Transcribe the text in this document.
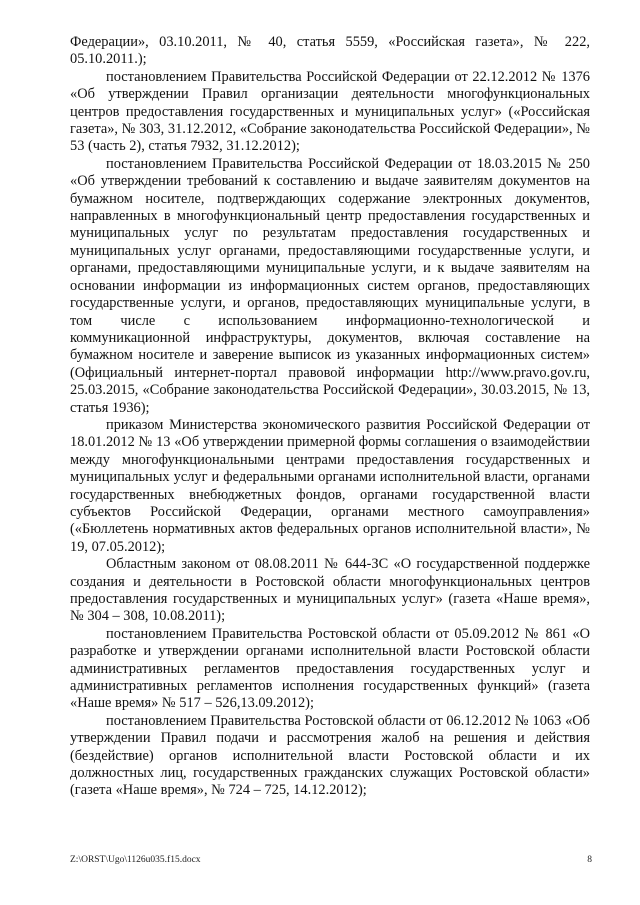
Федерации», 03.10.2011, № 40, статья 5559, «Российская газета», № 222, 05.10.2011.);

постановлением Правительства Российской Федерации от 22.12.2012 № 1376 «Об утверждении Правил организации деятельности многофункциональных центров предоставления государственных и муниципальных услуг» («Российская газета», № 303, 31.12.2012, «Собрание законодательства Российской Федерации», № 53 (часть 2), статья 7932, 31.12.2012);

постановлением Правительства Российской Федерации от 18.03.2015 № 250 «Об утверждении требований к составлению и выдаче заявителям документов на бумажном носителе, подтверждающих содержание электронных документов, направленных в многофункциональный центр предоставления государственных и муниципальных услуг по результатам предоставления государственных и муниципальных услуг органами, предоставляющими государственные услуги, и органами, предоставляющими муниципальные услуги, и к выдаче заявителям на основании информации из информационных систем органов, предоставляющих государственные услуги, и органов, предоставляющих муниципальные услуги, в том числе с использованием информационно-технологической и коммуникационной инфраструктуры, документов, включая составление на бумажном носителе и заверение выписок из указанных информационных систем» (Официальный интернет-портал правовой информации http://www.pravo.gov.ru, 25.03.2015, «Собрание законодательства Российской Федерации», 30.03.2015, № 13, статья 1936);

приказом Министерства экономического развития Российской Федерации от 18.01.2012 № 13 «Об утверждении примерной формы соглашения о взаимодействии между многофункциональными центрами предоставления государственных и муниципальных услуг и федеральными органами исполнительной власти, органами государственных внебюджетных фондов, органами государственной власти субъектов Российской Федерации, органами местного самоуправления» («Бюллетень нормативных актов федеральных органов исполнительной власти», № 19, 07.05.2012);

Областным законом от 08.08.2011 № 644-ЗС «О государственной поддержке создания и деятельности в Ростовской области многофункциональных центров предоставления государственных и муниципальных услуг» (газета «Наше время», № 304 – 308, 10.08.2011);

постановлением Правительства Ростовской области от 05.09.2012 № 861 «О разработке и утверждении органами исполнительной власти Ростовской области административных регламентов предоставления государственных услуг и административных регламентов исполнения государственных функций» (газета «Наше время» № 517 – 526,13.09.2012);

постановлением Правительства Ростовской области от 06.12.2012 № 1063 «Об утверждении Правил подачи и рассмотрения жалоб на решения и действия (бездействие) органов исполнительной власти Ростовской области и их должностных лиц, государственных гражданских служащих Ростовской области» (газета «Наше время», № 724 – 725, 14.12.2012);

Z:\ORST\Ugo\1126u035.f15.docx	8
